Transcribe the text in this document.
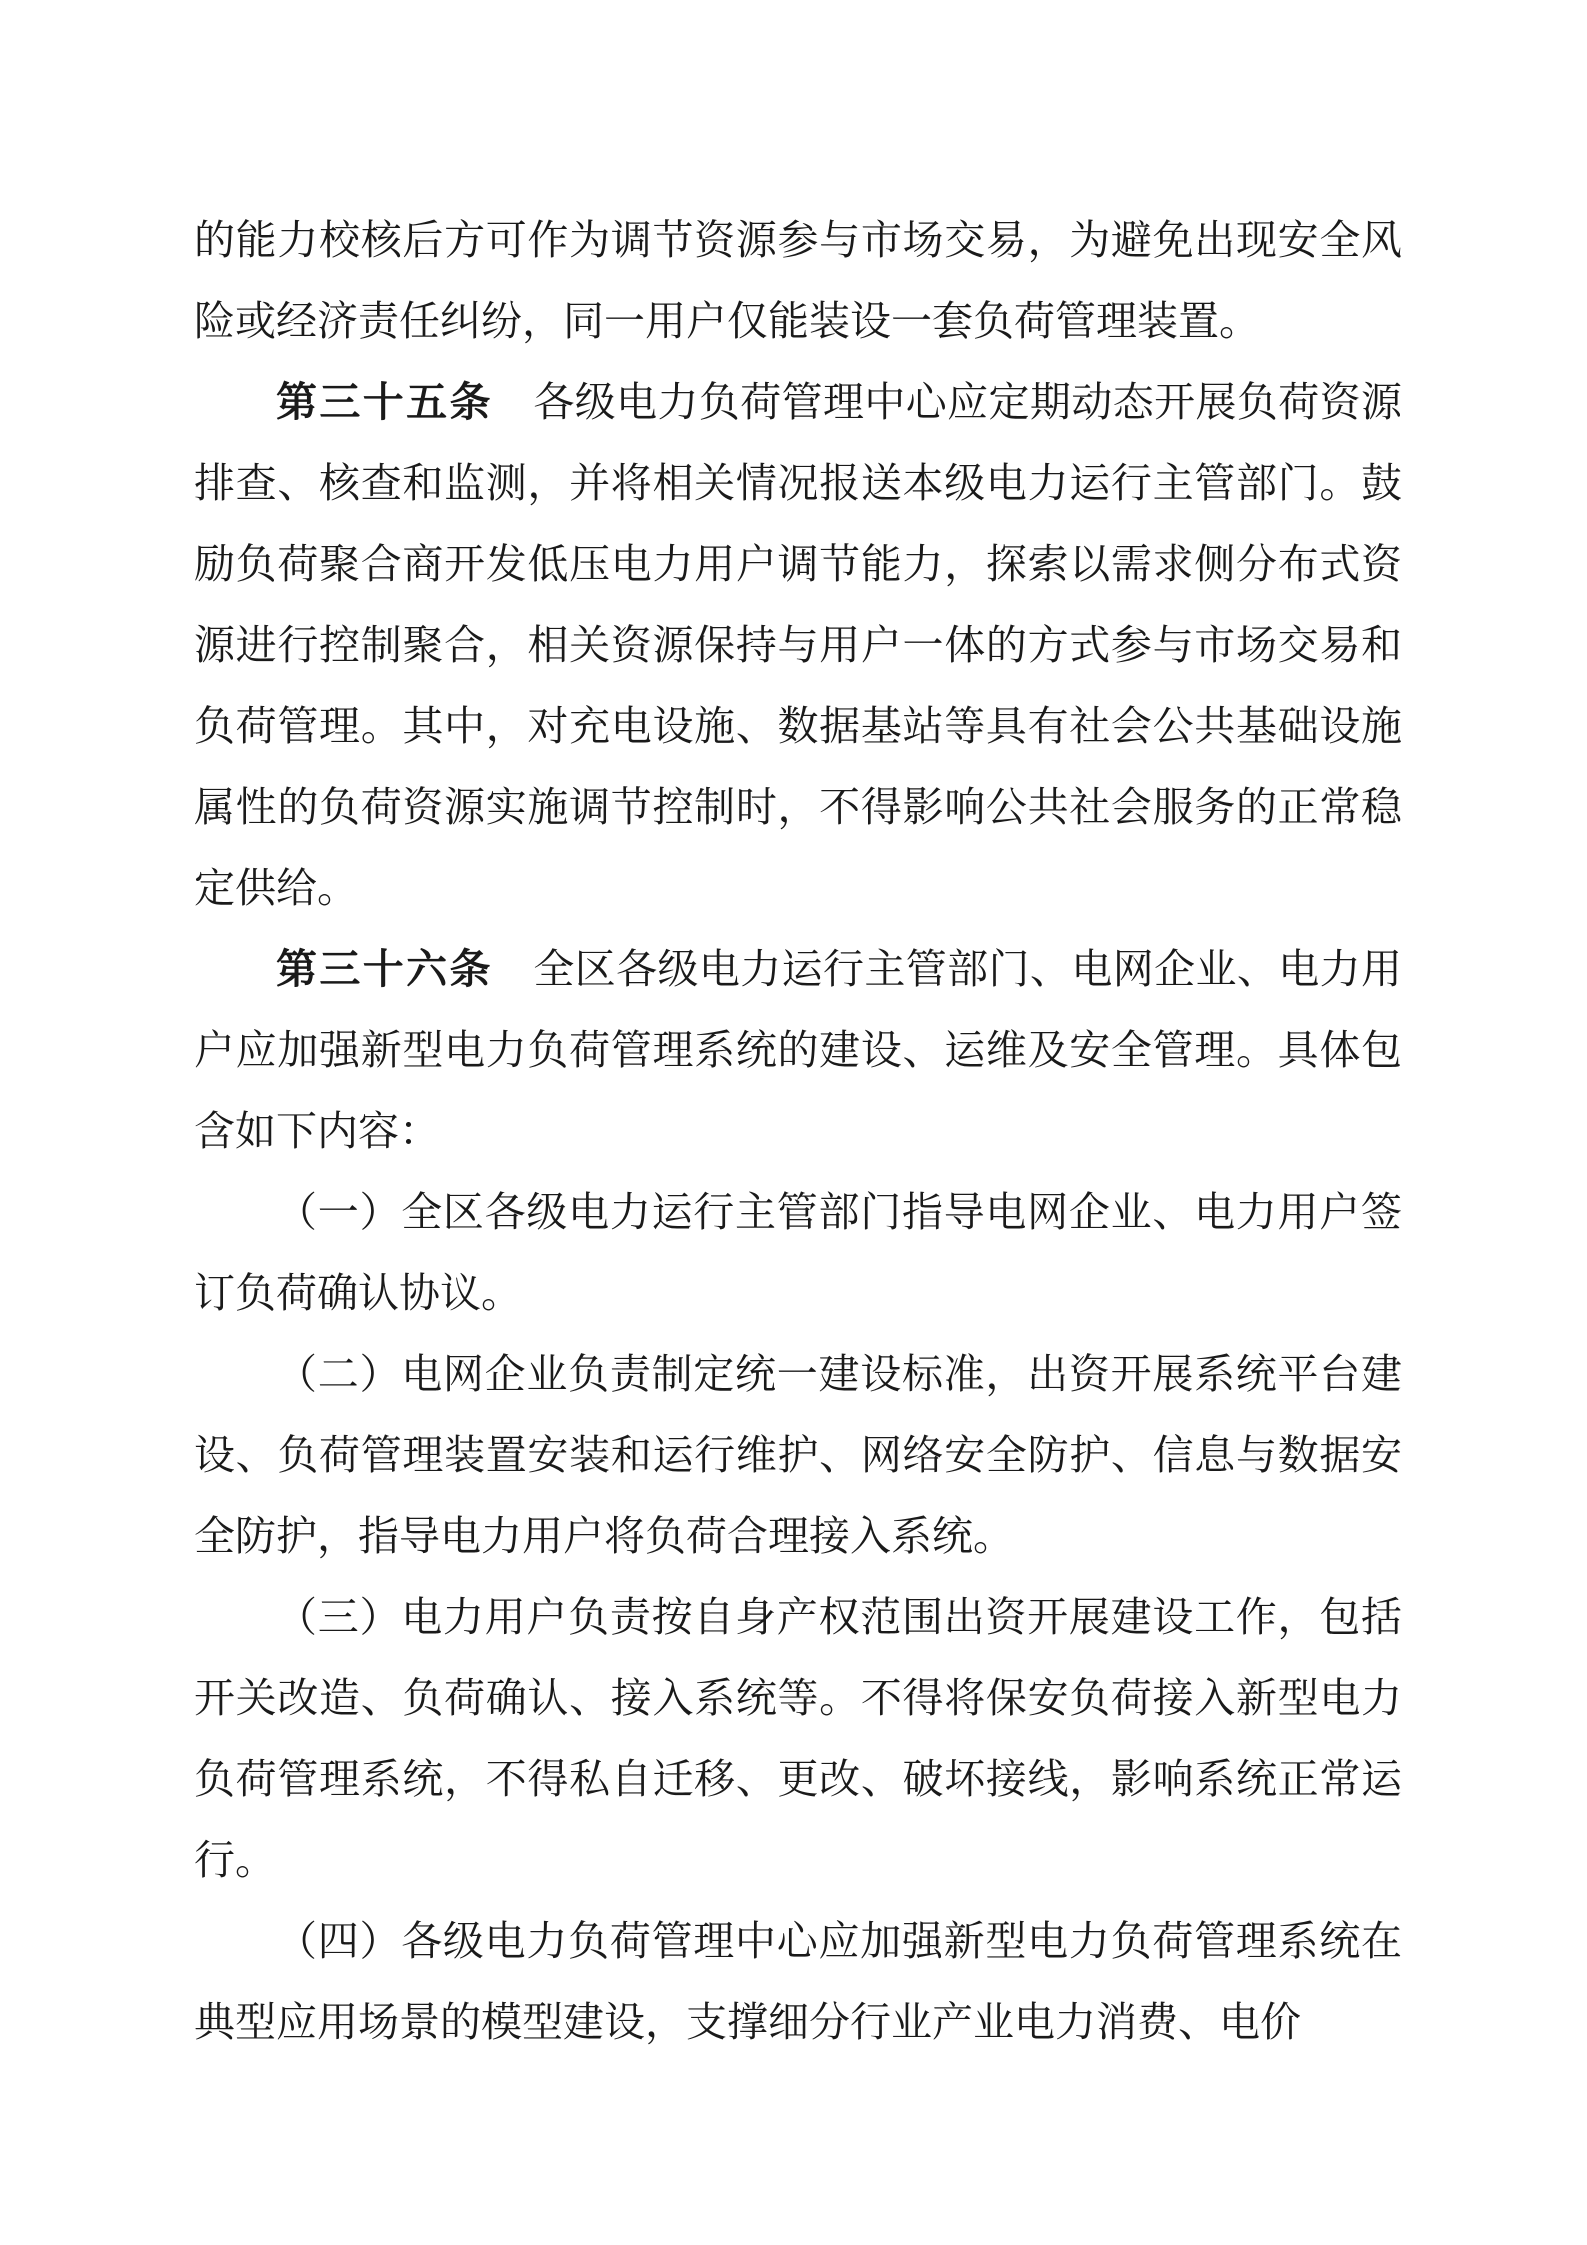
的能力校核后方可作为调节资源参与市场交易，为避免出现安全风险或经济责任纠纷，同一用户仅能装设一套负荷管理装置。

第三十五条 各级电力负荷管理中心应定期动态开展负荷资源排查、核查和监测，并将相关情况报送本级电力运行主管部门。鼓励负荷聚合商开发低压电力用户调节能力，探索以需求侧分布式资源进行控制聚合，相关资源保持与用户一体的方式参与市场交易和负荷管理。其中，对充电设施、数据基站等具有社会公共基础设施属性的负荷资源实施调节控制时，不得影响公共社会服务的正常稳定供给。

第三十六条 全区各级电力运行主管部门、电网企业、电力用户应加强新型电力负荷管理系统的建设、运维及安全管理。具体包含如下内容：

（一）全区各级电力运行主管部门指导电网企业、电力用户签订负荷确认协议。

（二）电网企业负责制定统一建设标准，出资开展系统平台建设、负荷管理装置安装和运行维护、网络安全防护、信息与数据安全防护，指导电力用户将负荷合理接入系统。

（三）电力用户负责按自身产权范围出资开展建设工作，包括开关改造、负荷确认、接入系统等。不得将保安负荷接入新型电力负荷管理系统，不得私自迁移、更改、破坏接线，影响系统正常运行。

（四）各级电力负荷管理中心应加强新型电力负荷管理系统在典型应用场景的模型建设，支撑细分行业产业电力消费、电价
